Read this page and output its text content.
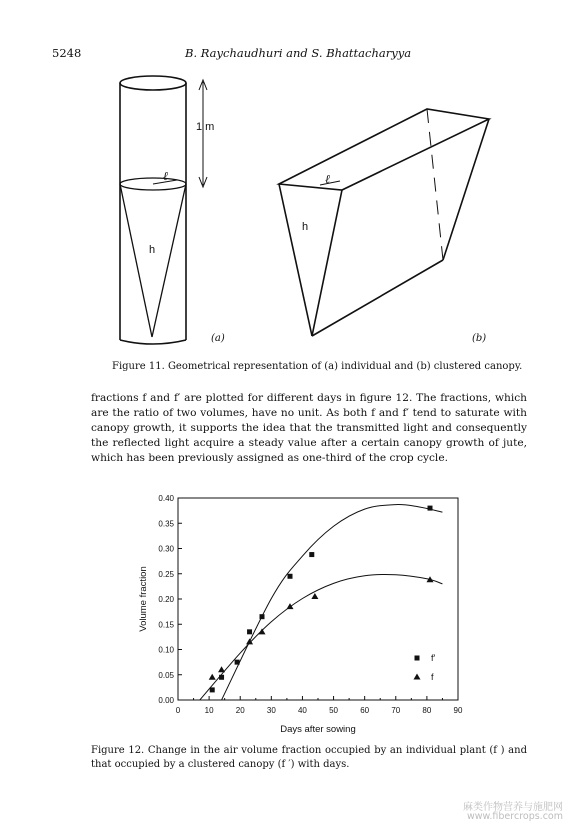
5248	B. Raychaudhuri and S. Bhattacharyya
1 m
ℓ
h
ℓ
h
(a)	(b)
Figure 11. Geometrical representation of (a) individual and (b) clustered canopy.
fractions f and f′ are plotted for different days in figure 12. The fractions, which are the ratio of two volumes, have no unit. As both f and f′ tend to saturate with canopy growth, it supports the idea that the transmitted light and consequently the reflected light acquire a steady value after a certain canopy growth of jute, which has been previously assigned as one-third of the crop cycle.
0	10	20	30	40	50	60	70	80	90
0.00
0.05
0.10
0.15
0.20
0.25
0.30
0.35
0.40
Days after sowing
Volume fraction
f′
f
Figure 12. Change in the air volume fraction occupied by an individual plant (f ) and that occupied by a clustered canopy (f ′) with days.
麻类作物营养与施肥网
www.fibercrops.com
